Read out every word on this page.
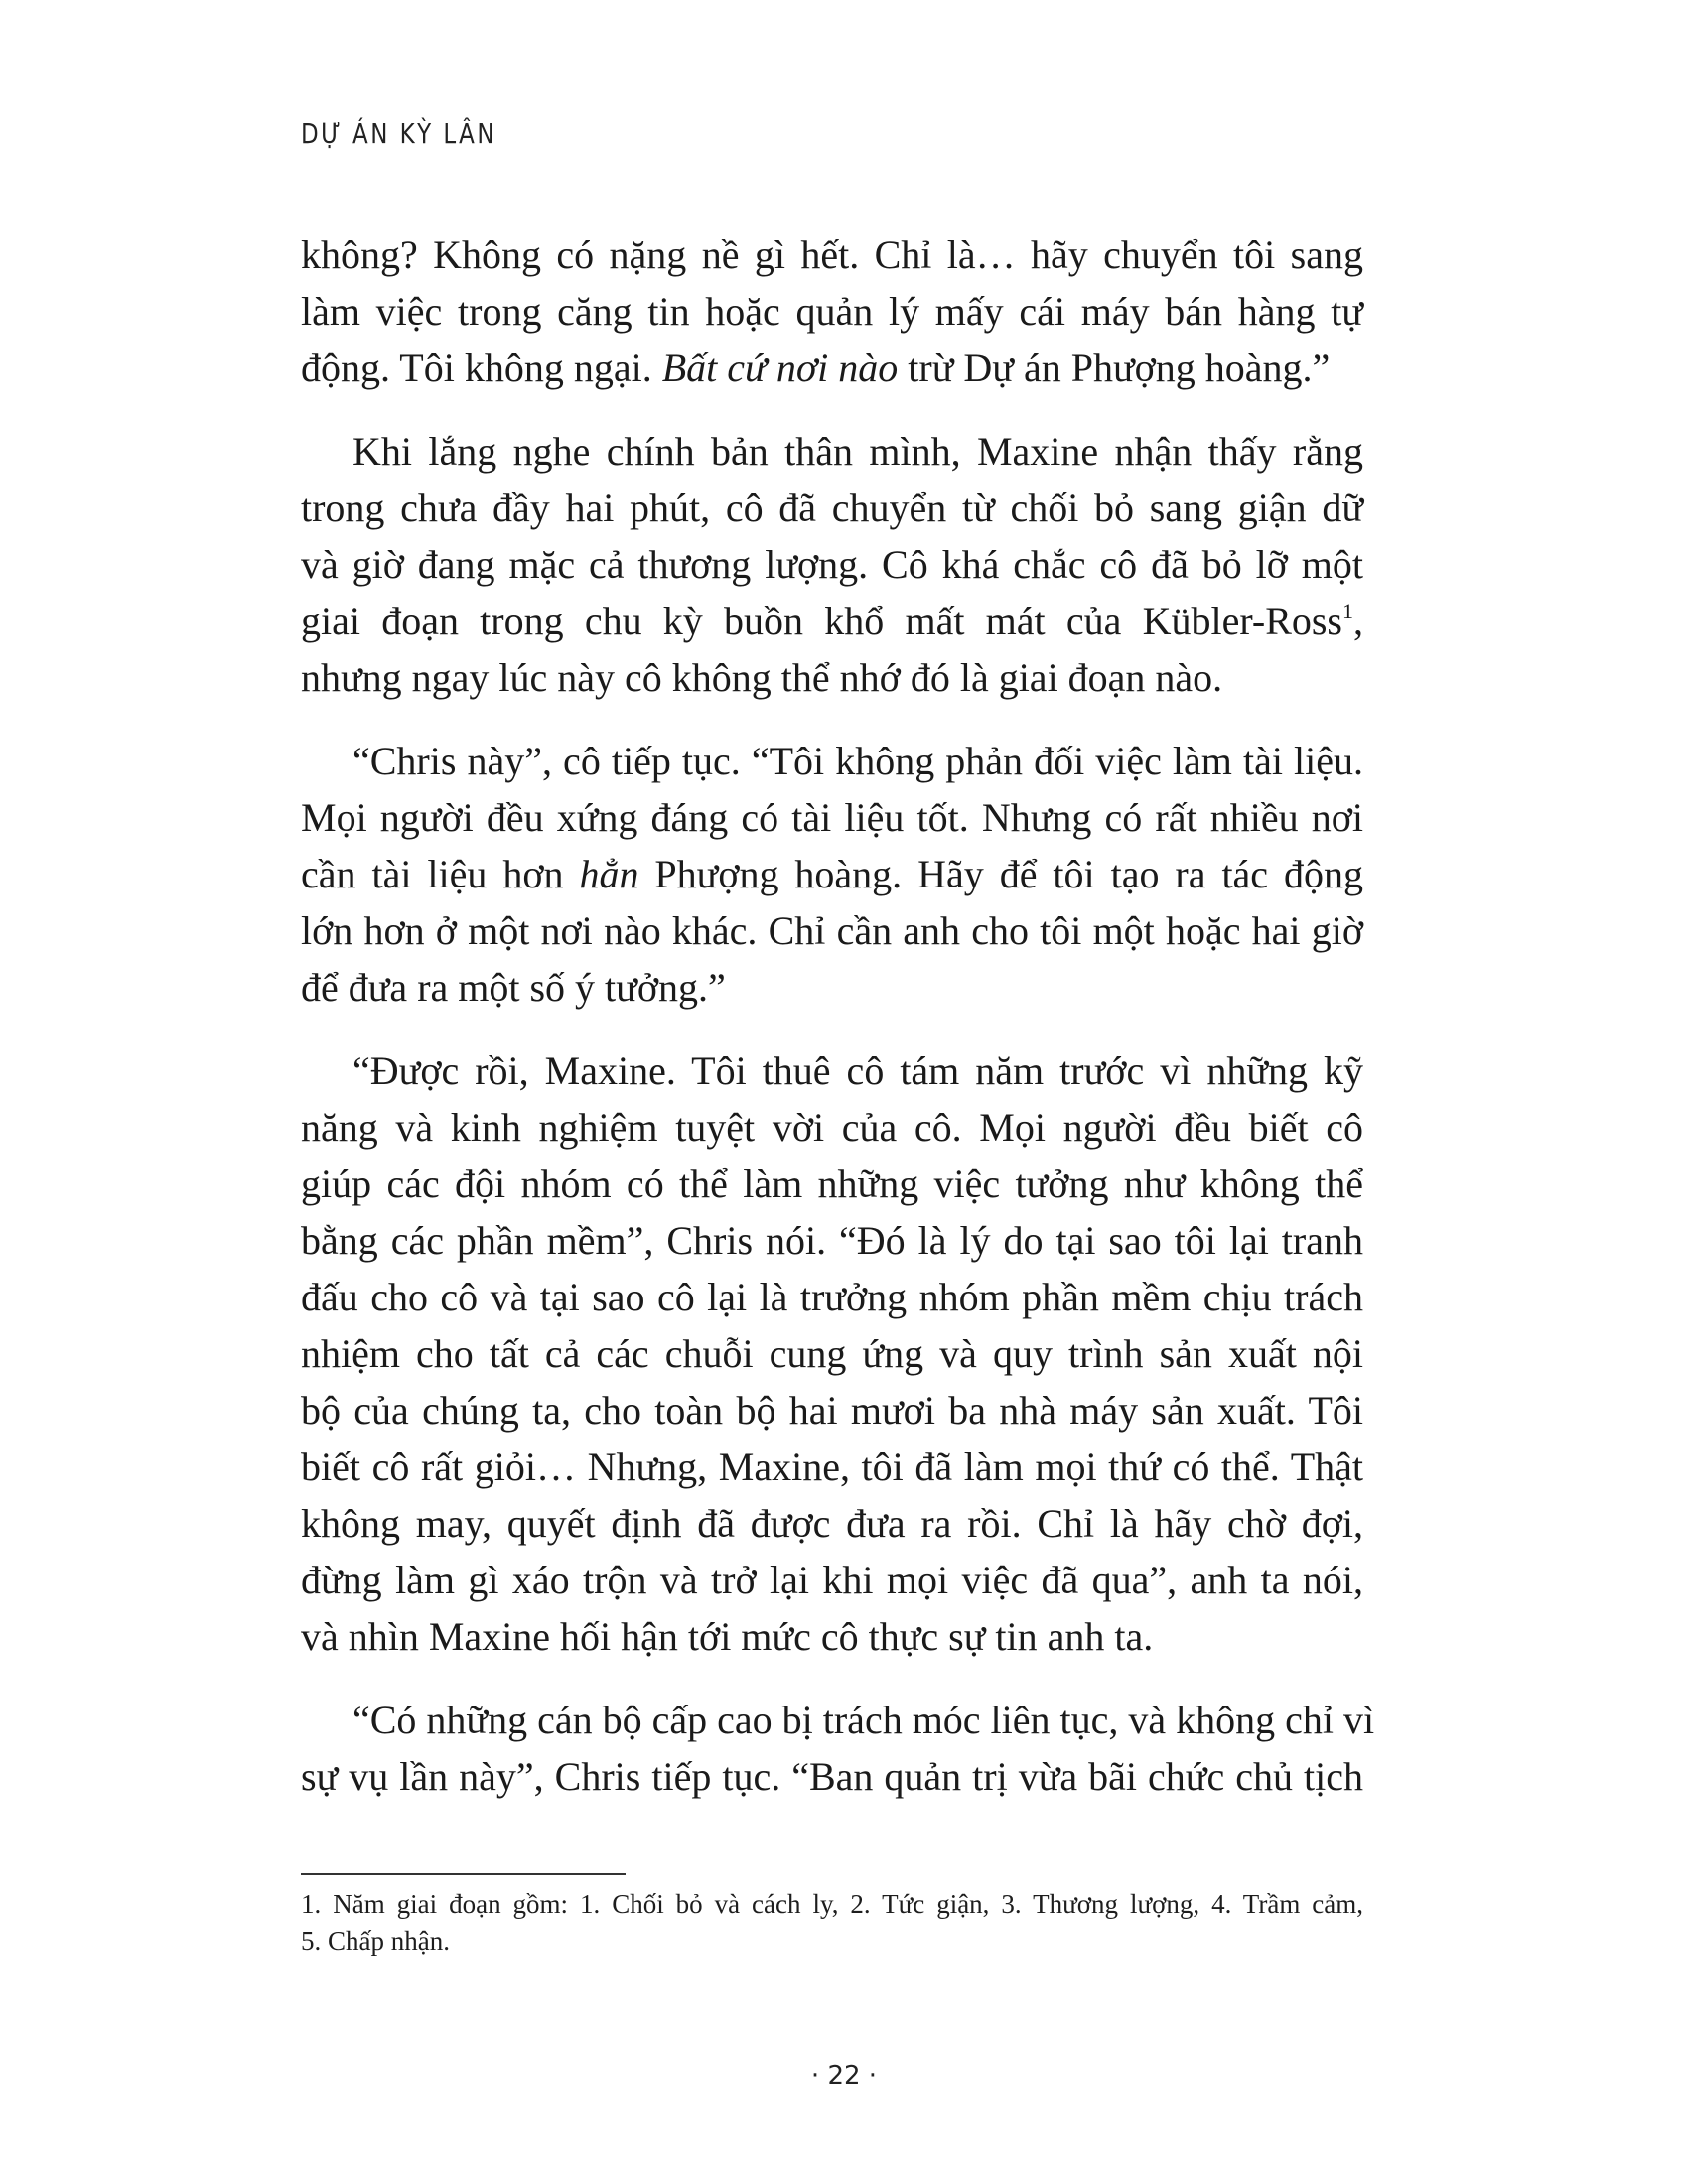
DỰ ÁN KỲ LÂN
không? Không có nặng nề gì hết. Chỉ là… hãy chuyển tôi sang
làm việc trong căng tin hoặc quản lý mấy cái máy bán hàng tự
động. Tôi không ngại. Bất cứ nơi nào trừ Dự án Phượng hoàng.”
Khi lắng nghe chính bản thân mình, Maxine nhận thấy rằng
trong chưa đầy hai phút, cô đã chuyển từ chối bỏ sang giận dữ
và giờ đang mặc cả thương lượng. Cô khá chắc cô đã bỏ lỡ một
giai đoạn trong chu kỳ buồn khổ mất mát của Kübler-Ross$^1$,
nhưng ngay lúc này cô không thể nhớ đó là giai đoạn nào.
“Chris này”, cô tiếp tục. “Tôi không phản đối việc làm tài liệu.
Mọi người đều xứng đáng có tài liệu tốt. Nhưng có rất nhiều nơi
cần tài liệu hơn hẳn Phượng hoàng. Hãy để tôi tạo ra tác động
lớn hơn ở một nơi nào khác. Chỉ cần anh cho tôi một hoặc hai giờ
để đưa ra một số ý tưởng.”
“Được rồi, Maxine. Tôi thuê cô tám năm trước vì những kỹ
năng và kinh nghiệm tuyệt vời của cô. Mọi người đều biết cô
giúp các đội nhóm có thể làm những việc tưởng như không thể
bằng các phần mềm”, Chris nói. “Đó là lý do tại sao tôi lại tranh
đấu cho cô và tại sao cô lại là trưởng nhóm phần mềm chịu trách
nhiệm cho tất cả các chuỗi cung ứng và quy trình sản xuất nội
bộ của chúng ta, cho toàn bộ hai mươi ba nhà máy sản xuất. Tôi
biết cô rất giỏi… Nhưng, Maxine, tôi đã làm mọi thứ có thể. Thật
không may, quyết định đã được đưa ra rồi. Chỉ là hãy chờ đợi,
đừng làm gì xáo trộn và trở lại khi mọi việc đã qua”, anh ta nói,
và nhìn Maxine hối hận tới mức cô thực sự tin anh ta.
“Có những cán bộ cấp cao bị trách móc liên tục, và không chỉ vì
sự vụ lần này”, Chris tiếp tục. “Ban quản trị vừa bãi chức chủ tịch
1. Năm giai đoạn gồm: 1. Chối bỏ và cách ly, 2. Tức giận, 3. Thương lượng, 4. Trầm cảm,
5. Chấp nhận.
· 22 ·
